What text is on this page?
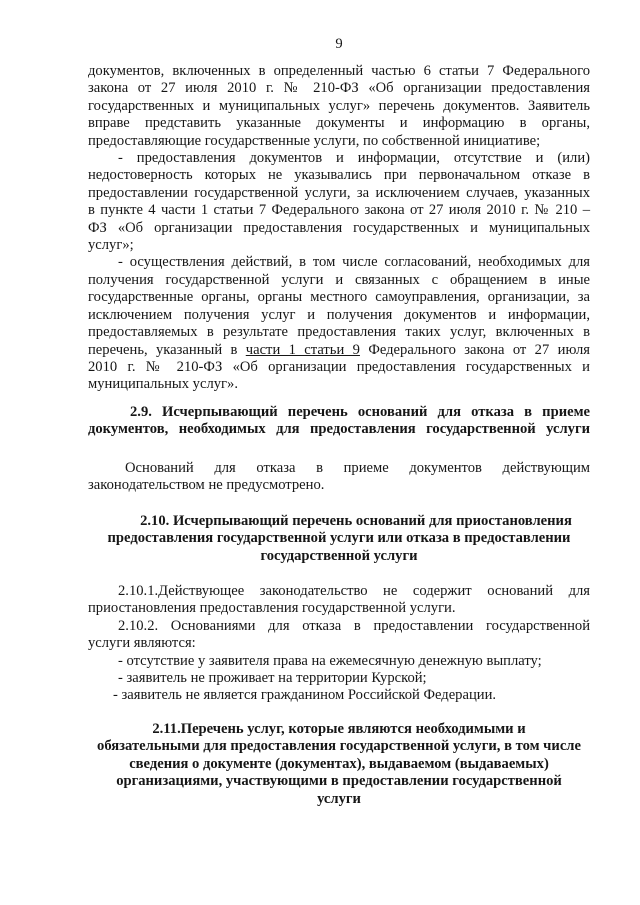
9
документов, включенных в определенный частью 6 статьи 7 Федерального
закона от 27 июля 2010 г. № 210-ФЗ «Об организации предоставления
государственных и муниципальных услуг» перечень документов. Заявитель
вправе представить указанные документы и информацию в органы,
предоставляющие государственные услуги, по собственной инициативе;
- предоставления документов и информации, отсутствие и (или)
недостоверность которых не указывались при первоначальном отказе в
предоставлении государственной услуги, за исключением случаев, указанных
в пункте 4 части 1 статьи 7 Федерального закона от 27 июля 2010 г. № 210 –
ФЗ «Об организации предоставления государственных и муниципальных
услуг»;
- осуществления действий, в том числе согласований, необходимых для
получения государственной услуги и связанных с обращением в иные
государственные органы, органы местного самоуправления, организации, за
исключением получения услуг и получения документов и информации,
предоставляемых в результате предоставления таких услуг, включенных в
перечень, указанный в части 1 статьи 9 Федерального закона от 27 июля
2010 г. № 210-ФЗ «Об организации предоставления государственных и
муниципальных услуг».
2.9. Исчерпывающий перечень оснований для отказа в приеме
документов, необходимых для предоставления государственной услуги
Оснований для отказа в приеме документов действующим
законодательством не предусмотрено.
2.10. Исчерпывающий перечень оснований для приостановления
предоставления государственной услуги или отказа в предоставлении
государственной услуги
2.10.1.Действующее законодательство не содержит оснований для
приостановления предоставления государственной услуги.
2.10.2. Основаниями для отказа в предоставлении государственной
услуги являются:
- отсутствие у заявителя права на ежемесячную денежную выплату;
- заявитель не проживает на территории Курской;
- заявитель не является гражданином Российской Федерации.
2.11.Перечень услуг, которые являются необходимыми и
обязательными для предоставления государственной услуги, в том числе
сведения о документе (документах), выдаваемом (выдаваемых)
организациями, участвующими в предоставлении государственной
услуги
